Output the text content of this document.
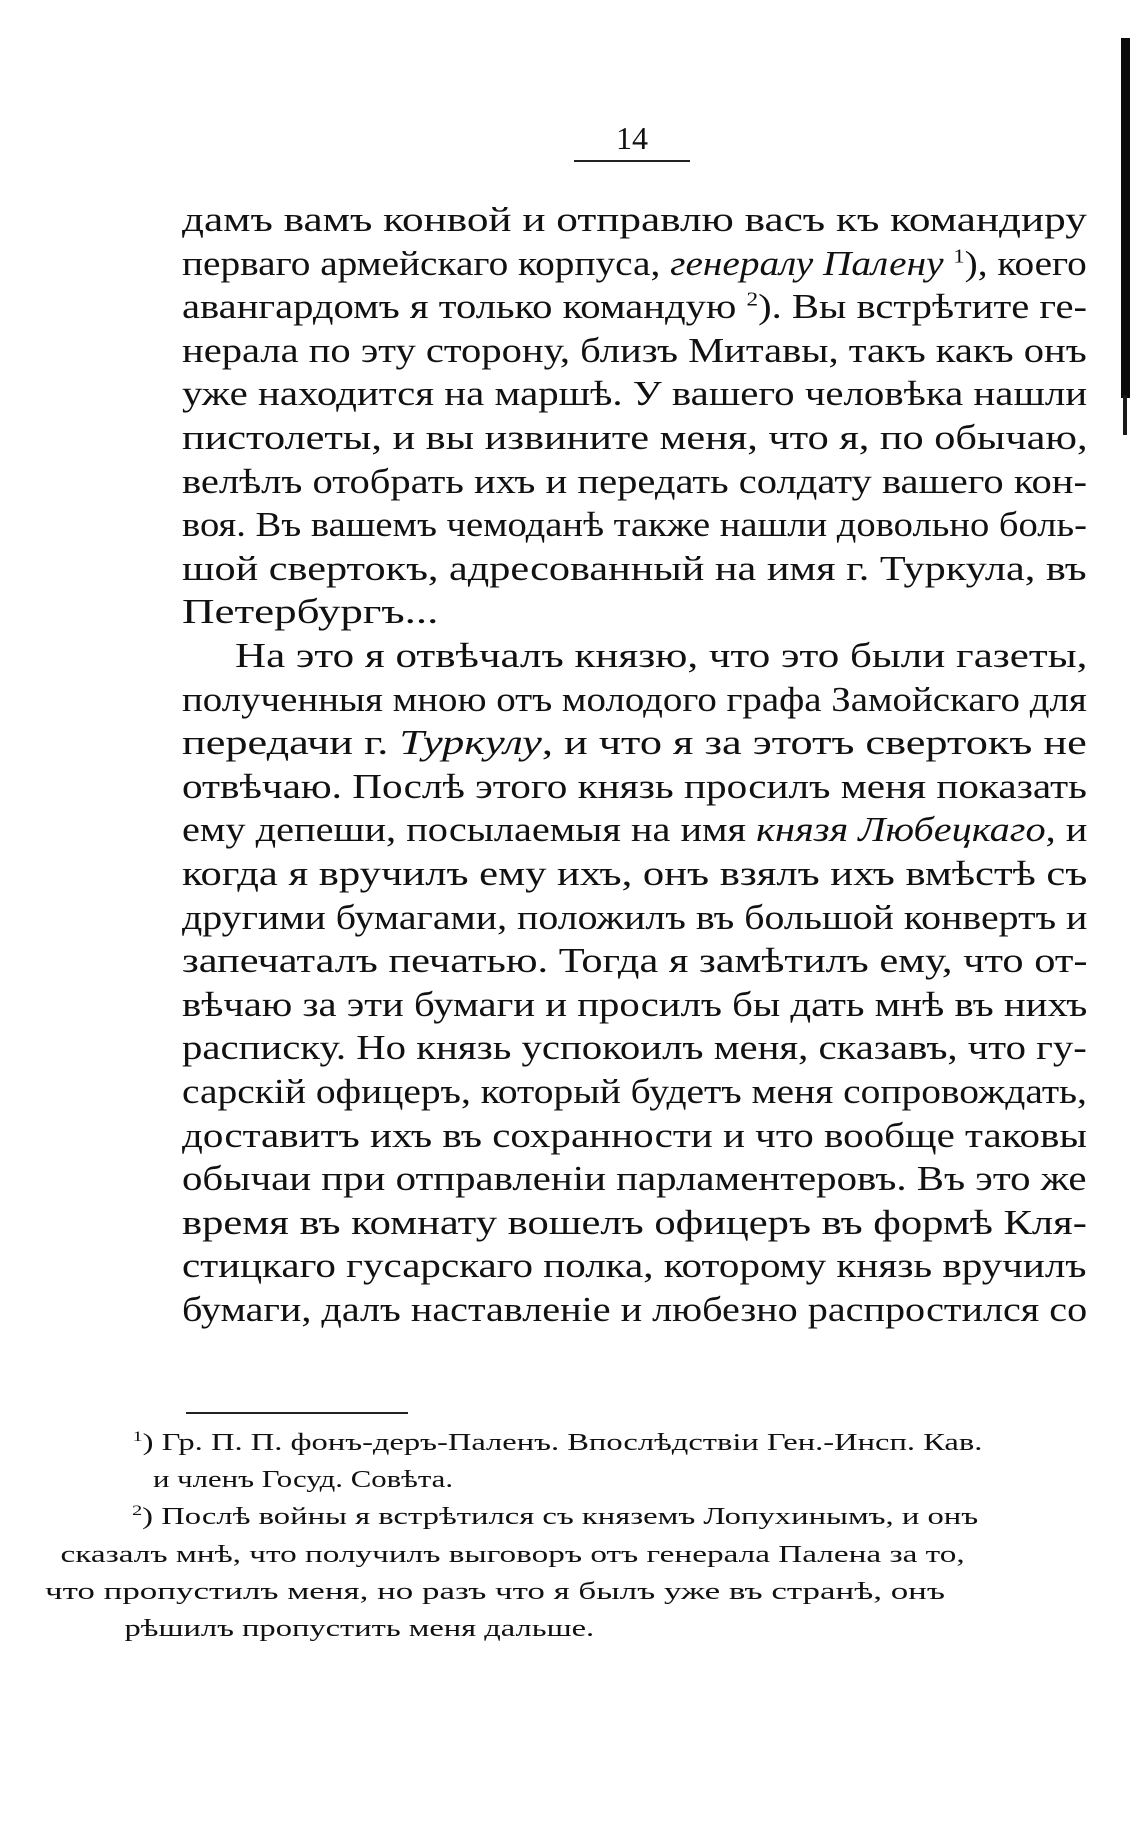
14
дамъ вамъ конвой и отправлю васъ къ командиру
перваго армейскаго корпуса, генералу Палену $^1$), коего
авангардомъ я только командую $^2$). Вы встрѣтите ге-
нерала по эту сторону, близъ Митавы, такъ какъ онъ
уже находится на маршѣ. У вашего человѣка нашли
пистолеты, и вы извините меня, что я, по обычаю,
велѣлъ отобрать ихъ и передать солдату вашего кон-
воя. Въ вашемъ чемоданѣ также нашли довольно боль-
шой свертокъ, адресованный на имя г. Туркула, въ
Петербургъ...
На это я отвѣчалъ князю, что это были газеты,
полученныя мною отъ молодого графа Замойскаго для
передачи г. Туркулу, и что я за этотъ свертокъ не
отвѣчаю. Послѣ этого князь просилъ меня показать
ему депеши, посылаемыя на имя князя Любецкаго, и
когда я вручилъ ему ихъ, онъ взялъ ихъ вмѣстѣ съ
другими бумагами, положилъ въ большой конвертъ и
запечаталъ печатью. Тогда я замѣтилъ ему, что от-
вѣчаю за эти бумаги и просилъ бы дать мнѣ въ нихъ
расписку. Но князь успокоилъ меня, сказавъ, что гу-
сарскій офицеръ, который будетъ меня сопровождать,
доставитъ ихъ въ сохранности и что вообще таковы
обычаи при отправленіи парламентеровъ. Въ это же
время въ комнату вошелъ офицеръ въ формѣ Кля-
стицкаго гусарскаго полка, которому князь вручилъ
бумаги, далъ наставленіе и любезно распростился со
$^1$) Гр. П. П. фонъ-деръ-Паленъ. Впослѣдствіи Ген.-Инсп. Кав.
и членъ Госуд. Совѣта.
$^2$) Послѣ войны я встрѣтился съ княземъ Лопухинымъ, и онъ
сказалъ мнѣ, что получилъ выговоръ отъ генерала Палена за то,
что пропустилъ меня, но разъ что я былъ уже въ странѣ, онъ
рѣшилъ пропустить меня дальше.
